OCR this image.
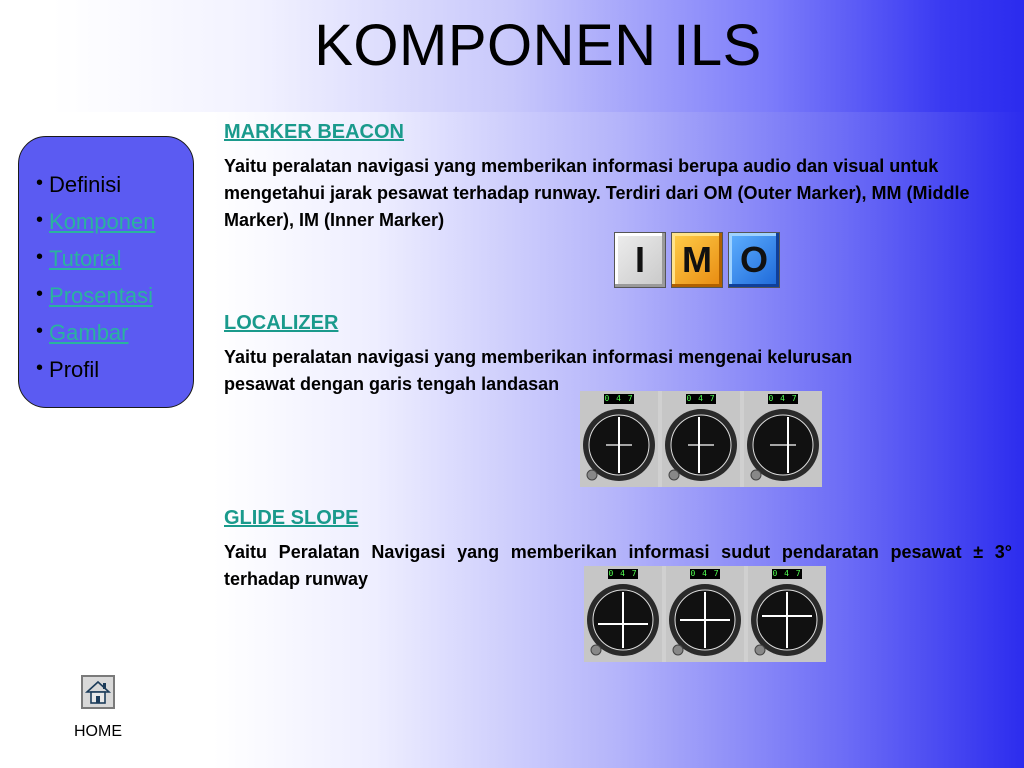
KOMPONEN ILS
• Definisi
• Komponen
• Tutorial
• Prosentasi
• Gambar
• Profil
HOME
MARKER BEACON
Yaitu peralatan navigasi yang memberikan informasi berupa audio dan visual untuk mengetahui jarak pesawat terhadap runway. Terdiri dari OM (Outer Marker), MM (Middle Marker), IM (Inner Marker)
I M O
LOCALIZER
Yaitu peralatan navigasi yang memberikan informasi mengenai kelurusan pesawat dengan garis tengah landasan
0 4 7	0 4 7	0 4 7
GLIDE SLOPE
Yaitu Peralatan Navigasi yang memberikan informasi sudut pendaratan pesawat ± 3° terhadap runway	0 4 7	0 4 7	0 4 7
